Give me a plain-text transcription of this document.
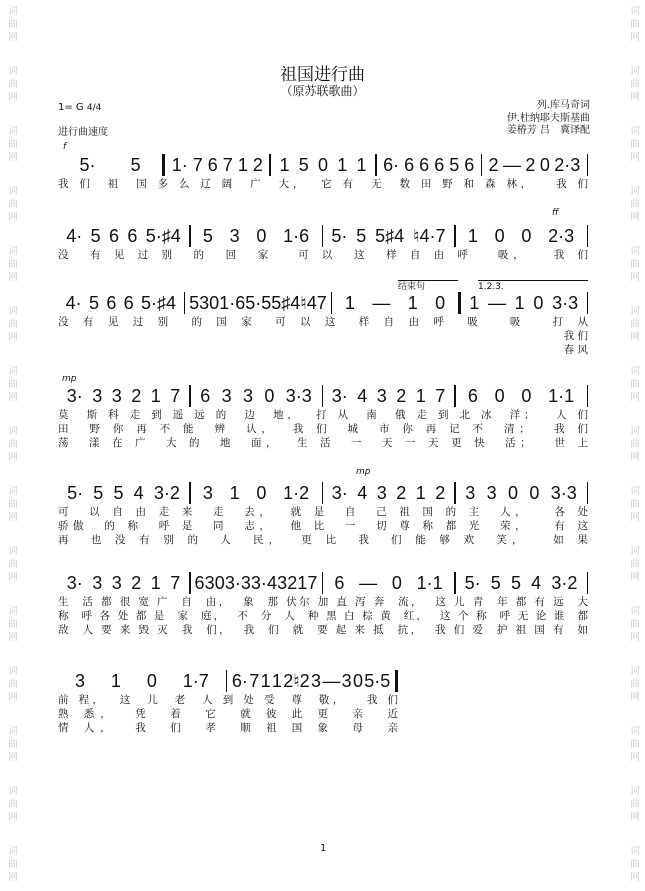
词
曲
网
词
曲
网
词
曲
网
词
曲
网
词
曲
网
词
曲
网
词
曲
网
词
曲
网
词
曲
网
词
曲
网
词
曲
网
词
曲
网
词
曲
网
词
曲
网
词
曲
网
词
曲
网
词
曲
网
词
曲
网
词
曲
网
词
曲
网
词
曲
网
词
曲
网
词
曲
网
词
曲
网
词
曲
网
词
曲
网
词
曲
网
词
曲
网
词
曲
网
词
曲
网
祖国进行曲
（原苏联歌曲）
1= G 4/4
进行曲速度
列.库马奇词
伊.杜纳耶夫斯基曲
姜椿芳 吕　冀译配
f
ff
mp
mp
结束句	1.2.3.
5· 5 1· 7 6 7 1 2 1 5 0 1 1 6· 6 6 6 5 6 2 — 2 0 2·3
我 们  祖  国 多 么 辽 阔  广  大，  它 有  无  数 田 野 和 森 林，   我 们
4· 5 6 6 5·♯4 5 3 0 1·6 5· 5 5♯4 ♮4·7 1 0 0 2·3
没  有 见 过 别  的  回  家   可 以  这  样 自 由 呼   吸，   我 们
4· 5 6 6 5·♯4 5 3 0 1·6 5· 5 5♯4 ♮4 7 1 — 1 0 1 — 1 0 3·3
没 有 见 过 别  的 国 家  可 以 这  样 自 由 呼  吸   吸   打 从
我 们
春 风
3· 3 3 2 1 7 6 3 3 0 3·3 3· 4 3 2 1 7 6 0 0 1·1
莫  斯 科 走 到 遥 远 的  边  地，  打 从  南  俄 走 到 北 冰  洋；   人 们
田  野 你 再 不 能  辨  认，  我 们  城  市 你 再 记 不  清；   我 们
荡  漾 在 广  大 的  地  面，  生 活  一  天 一 天 更 快  活；   世 上
5· 5 5 4 3·2 3 1 0 1·2 3· 4 3 2 1 2 3 3 0 0 3·3
可  以 自 由 走 来  走  去，  就 是  自  己 祖 国 的 主  人，   各 处
骄傲  的 称  呼 是  同  志，  他 比  一  切 尊 称 都 光  荣，   有 这
再  也 没 有 别 的  人  民，  更 比  我  们 能 够 欢  笑，   如 果
3· 3 3 2 1 7 6 3 0 3·3 3· 4 3 2 1 7 6 — 0 1·1 5· 5 5 4 3·2
生  活 都 很 宽 广  自  由，  象  那 伏尔 加 直 泻 奔  流，  这 儿 青  年 都 有 远  大
称  呼 各 处 都 是  家  庭，  不  分  人  种 黑 白 棕 黄  红，  这 个 称  呼 无 论 谁  都
敌  人 要 来 毁 灭  我  们，  我  们  就  要 起 来 抵  抗，  我 们 爱  护 祖 国 有  如
3 1 0 1·7 6· 7 1 1 2♮2 3 — 3 0 5·5
前 程，  这  儿  老  人 到 处 受  尊  敬，   我 们
熟 悉，  凭  着  它  就 彼 此 更  亲  近
情 人，  我  们  孝  顺 祖 国 象  母  亲
1
